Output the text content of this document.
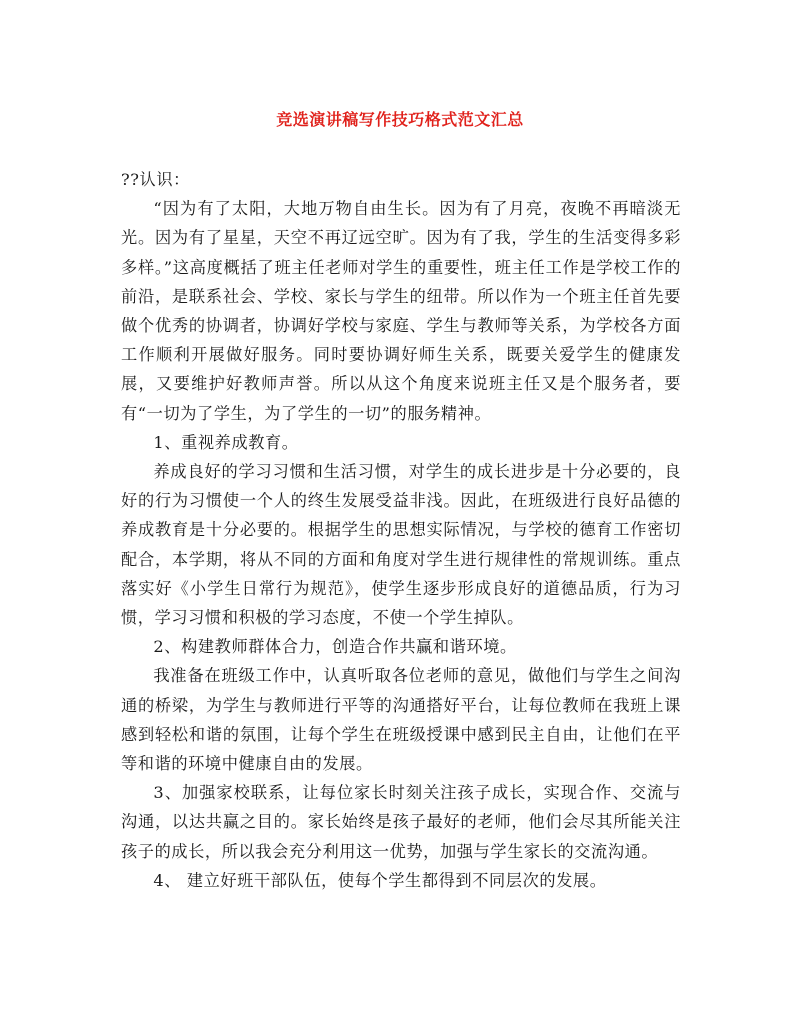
竞选演讲稿写作技巧格式范文汇总

??认识：

“因为有了太阳，大地万物自由生长。因为有了月亮，夜晚不再暗淡无光。因为有了星星，天空不再辽远空旷。因为有了我，学生的生活变得多彩多样。”这高度概括了班主任老师对学生的重要性，班主任工作是学校工作的前沿，是联系社会、学校、家长与学生的纽带。所以作为一个班主任首先要做个优秀的协调者，协调好学校与家庭、学生与教师等关系，为学校各方面工作顺利开展做好服务。同时要协调好师生关系，既要关爱学生的健康发展，又要维护好教师声誉。所以从这个角度来说班主任又是个服务者，要有“一切为了学生，为了学生的一切”的服务精神。

1、重视养成教育。

养成良好的学习习惯和生活习惯，对学生的成长进步是十分必要的，良好的行为习惯使一个人的终生发展受益非浅。因此，在班级进行良好品德的养成教育是十分必要的。根据学生的思想实际情况，与学校的德育工作密切配合，本学期，将从不同的方面和角度对学生进行规律性的常规训练。重点落实好《小学生日常行为规范》，使学生逐步形成良好的道德品质，行为习惯，学习习惯和积极的学习态度，不使一个学生掉队。

2、构建教师群体合力，创造合作共赢和谐环境。

我准备在班级工作中，认真听取各位老师的意见，做他们与学生之间沟通的桥梁，为学生与教师进行平等的沟通搭好平台，让每位教师在我班上课感到轻松和谐的氛围，让每个学生在班级授课中感到民主自由，让他们在平等和谐的环境中健康自由的发展。

3、加强家校联系，让每位家长时刻关注孩子成长，实现合作、交流与沟通，以达共赢之目的。家长始终是孩子最好的老师，他们会尽其所能关注孩子的成长，所以我会充分利用这一优势，加强与学生家长的交流沟通。

4、 建立好班干部队伍，使每个学生都得到不同层次的发展。
